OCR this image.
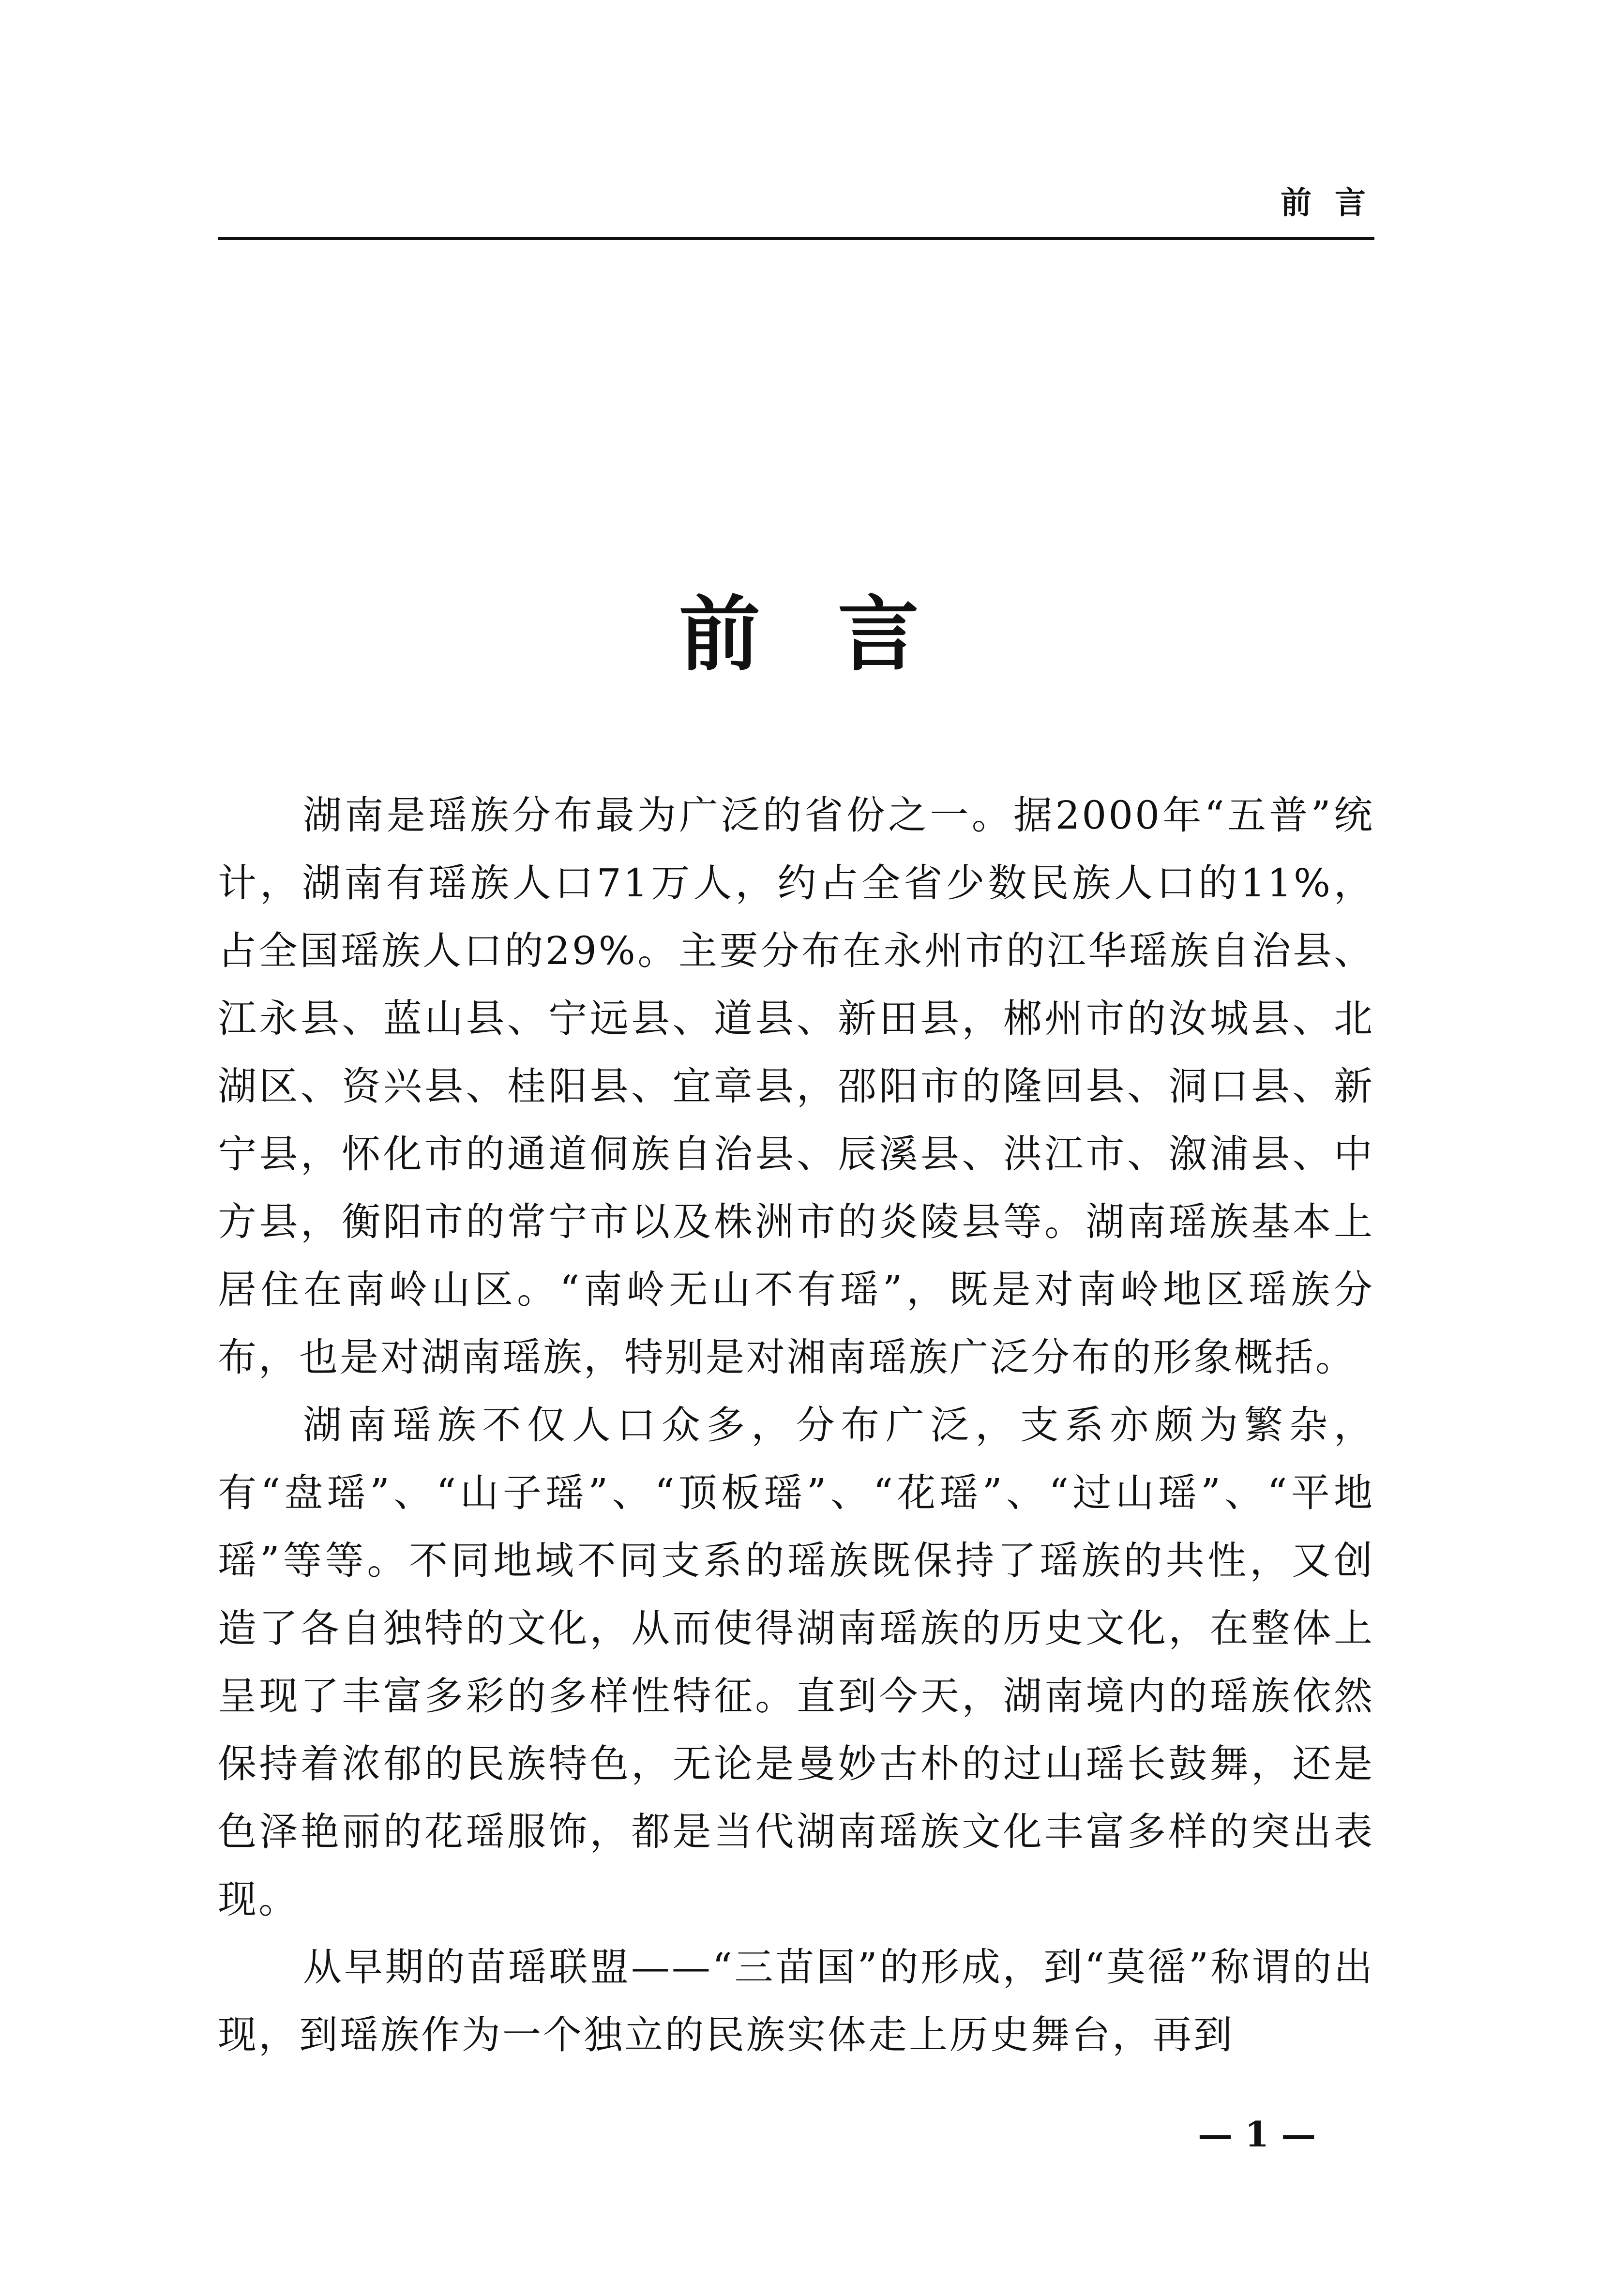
前言
前言

湖南是瑶族分布最为广泛的省份之一。据2000年“五普”统计，湖南有瑶族人口71万人，约占全省少数民族人口的11%，占全国瑶族人口的29%。主要分布在永州市的江华瑶族自治县、江永县、蓝山县、宁远县、道县、新田县，郴州市的汝城县、北湖区、资兴县、桂阳县、宜章县，邵阳市的隆回县、洞口县、新宁县，怀化市的通道侗族自治县、辰溪县、洪江市、溆浦县、中方县，衡阳市的常宁市以及株洲市的炎陵县等。湖南瑶族基本上居住在南岭山区。“南岭无山不有瑶”，既是对南岭地区瑶族分布，也是对湖南瑶族，特别是对湘南瑶族广泛分布的形象概括。

湖南瑶族不仅人口众多，分布广泛，支系亦颇为繁杂，有“盘瑶”、“山子瑶”、“顶板瑶”、“花瑶”、“过山瑶”、“平地瑶”等等。不同地域不同支系的瑶族既保持了瑶族的共性，又创造了各自独特的文化，从而使得湖南瑶族的历史文化，在整体上呈现了丰富多彩的多样性特征。直到今天，湖南境内的瑶族依然保持着浓郁的民族特色，无论是曼妙古朴的过山瑶长鼓舞，还是色泽艳丽的花瑶服饰，都是当代湖南瑶族文化丰富多样的突出表现。

从早期的苗瑶联盟——“三苗国”的形成，到“莫徭”称谓的出现，到瑶族作为一个独立的民族实体走上历史舞台，再到

— 1 —
